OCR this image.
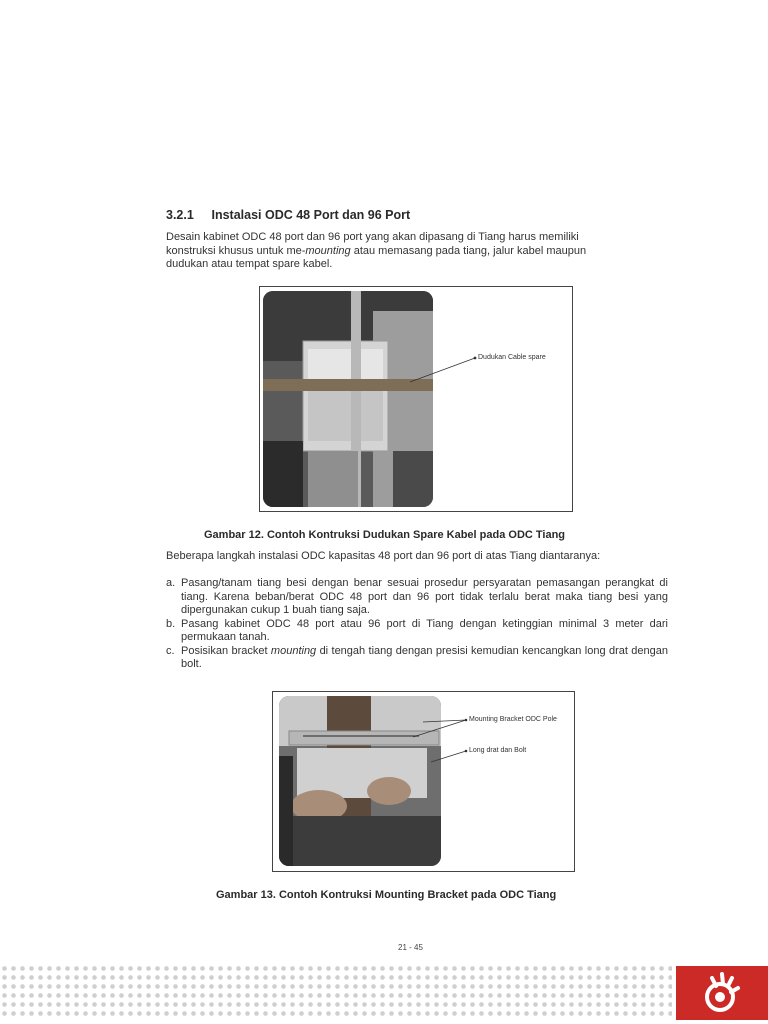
3.2.1 Instalasi ODC 48 Port dan 96 Port
Desain kabinet ODC 48 port dan 96 port yang akan dipasang di Tiang harus memiliki
konstruksi khusus untuk me-mounting atau memasang pada tiang, jalur kabel maupun
dudukan atau tempat spare kabel.
Dudukan Cable spare
Gambar 12. Contoh Kontruksi Dudukan Spare Kabel pada ODC Tiang
Beberapa langkah instalasi ODC kapasitas 48 port dan 96 port di atas Tiang diantaranya:
a. Pasang/tanam tiang besi dengan benar sesuai prosedur persyaratan pemasangan perangkat di tiang. Karena beban/berat ODC 48 port dan 96 port tidak terlalu berat maka tiang besi yang dipergunakan cukup 1 buah tiang saja.
b. Pasang kabinet ODC 48 port atau 96 port di Tiang dengan ketinggian minimal 3 meter dari permukaan tanah.
c. Posisikan bracket mounting di tengah tiang dengan presisi kemudian kencangkan long drat dengan bolt.
Mounting Bracket ODC Pole
Long drat dan Bolt
Gambar 13. Contoh Kontruksi Mounting Bracket pada ODC Tiang
21 - 45
